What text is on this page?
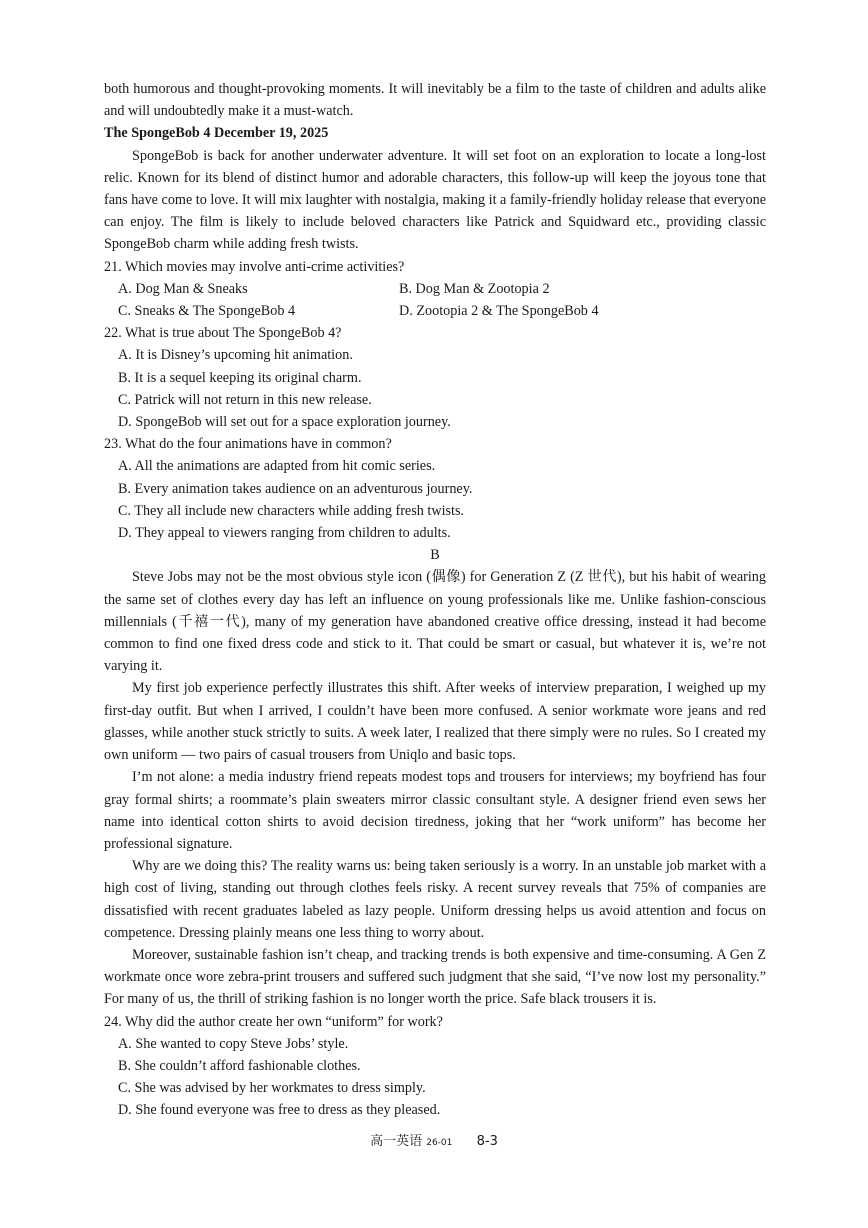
both humorous and thought-provoking moments. It will inevitably be a film to the taste of children and adults alike and will undoubtedly make it a must-watch.

The SpongeBob 4 December 19, 2025

SpongeBob is back for another underwater adventure. It will set foot on an exploration to locate a long-lost relic. Known for its blend of distinct humor and adorable characters, this follow-up will keep the joyous tone that fans have come to love. It will mix laughter with nostalgia, making it a family-friendly holiday release that everyone can enjoy. The film is likely to include beloved characters like Patrick and Squidward etc., providing classic SpongeBob charm while adding fresh twists.

21. Which movies may involve anti-crime activities?

A. Dog Man & Sneaks	B. Dog Man & Zootopia 2
C. Sneaks & The SpongeBob 4	D. Zootopia 2 & The SpongeBob 4

22. What is true about The SpongeBob 4?

A. It is Disney’s upcoming hit animation.

B. It is a sequel keeping its original charm.

C. Patrick will not return in this new release.

D. SpongeBob will set out for a space exploration journey.

23. What do the four animations have in common?

A. All the animations are adapted from hit comic series.

B. Every animation takes audience on an adventurous journey.

C. They all include new characters while adding fresh twists.

D. They appeal to viewers ranging from children to adults.

B

Steve Jobs may not be the most obvious style icon (偶像) for Generation Z (Z 世代), but his habit of wearing the same set of clothes every day has left an influence on young professionals like me. Unlike fashion-conscious millennials (千禧一代), many of my generation have abandoned creative office dressing, instead it had become common to find one fixed dress code and stick to it. That could be smart or casual, but whatever it is, we’re not varying it.

My first job experience perfectly illustrates this shift. After weeks of interview preparation, I weighed up my first-day outfit. But when I arrived, I couldn’t have been more confused. A senior workmate wore jeans and red glasses, while another stuck strictly to suits. A week later, I realized that there simply were no rules. So I created my own uniform — two pairs of casual trousers from Uniqlo and basic tops.

I’m not alone: a media industry friend repeats modest tops and trousers for interviews; my boyfriend has four gray formal shirts; a roommate’s plain sweaters mirror classic consultant style. A designer friend even sews her name into identical cotton shirts to avoid decision tiredness, joking that her “work uniform” has become her professional signature.

Why are we doing this? The reality warns us: being taken seriously is a worry. In an unstable job market with a high cost of living, standing out through clothes feels risky. A recent survey reveals that 75% of companies are dissatisfied with recent graduates labeled as lazy people. Uniform dressing helps us avoid attention and focus on competence. Dressing plainly means one less thing to worry about.

Moreover, sustainable fashion isn’t cheap, and tracking trends is both expensive and time-consuming. A Gen Z workmate once wore zebra-print trousers and suffered such judgment that she said, “I’ve now lost my personality.” For many of us, the thrill of striking fashion is no longer worth the price. Safe black trousers it is.

24. Why did the author create her own “uniform” for work?

A. She wanted to copy Steve Jobs’ style.

B. She couldn’t afford fashionable clothes.

C. She was advised by her workmates to dress simply.

D. She found everyone was free to dress as they pleased.

高一英语 26-01 8-3
